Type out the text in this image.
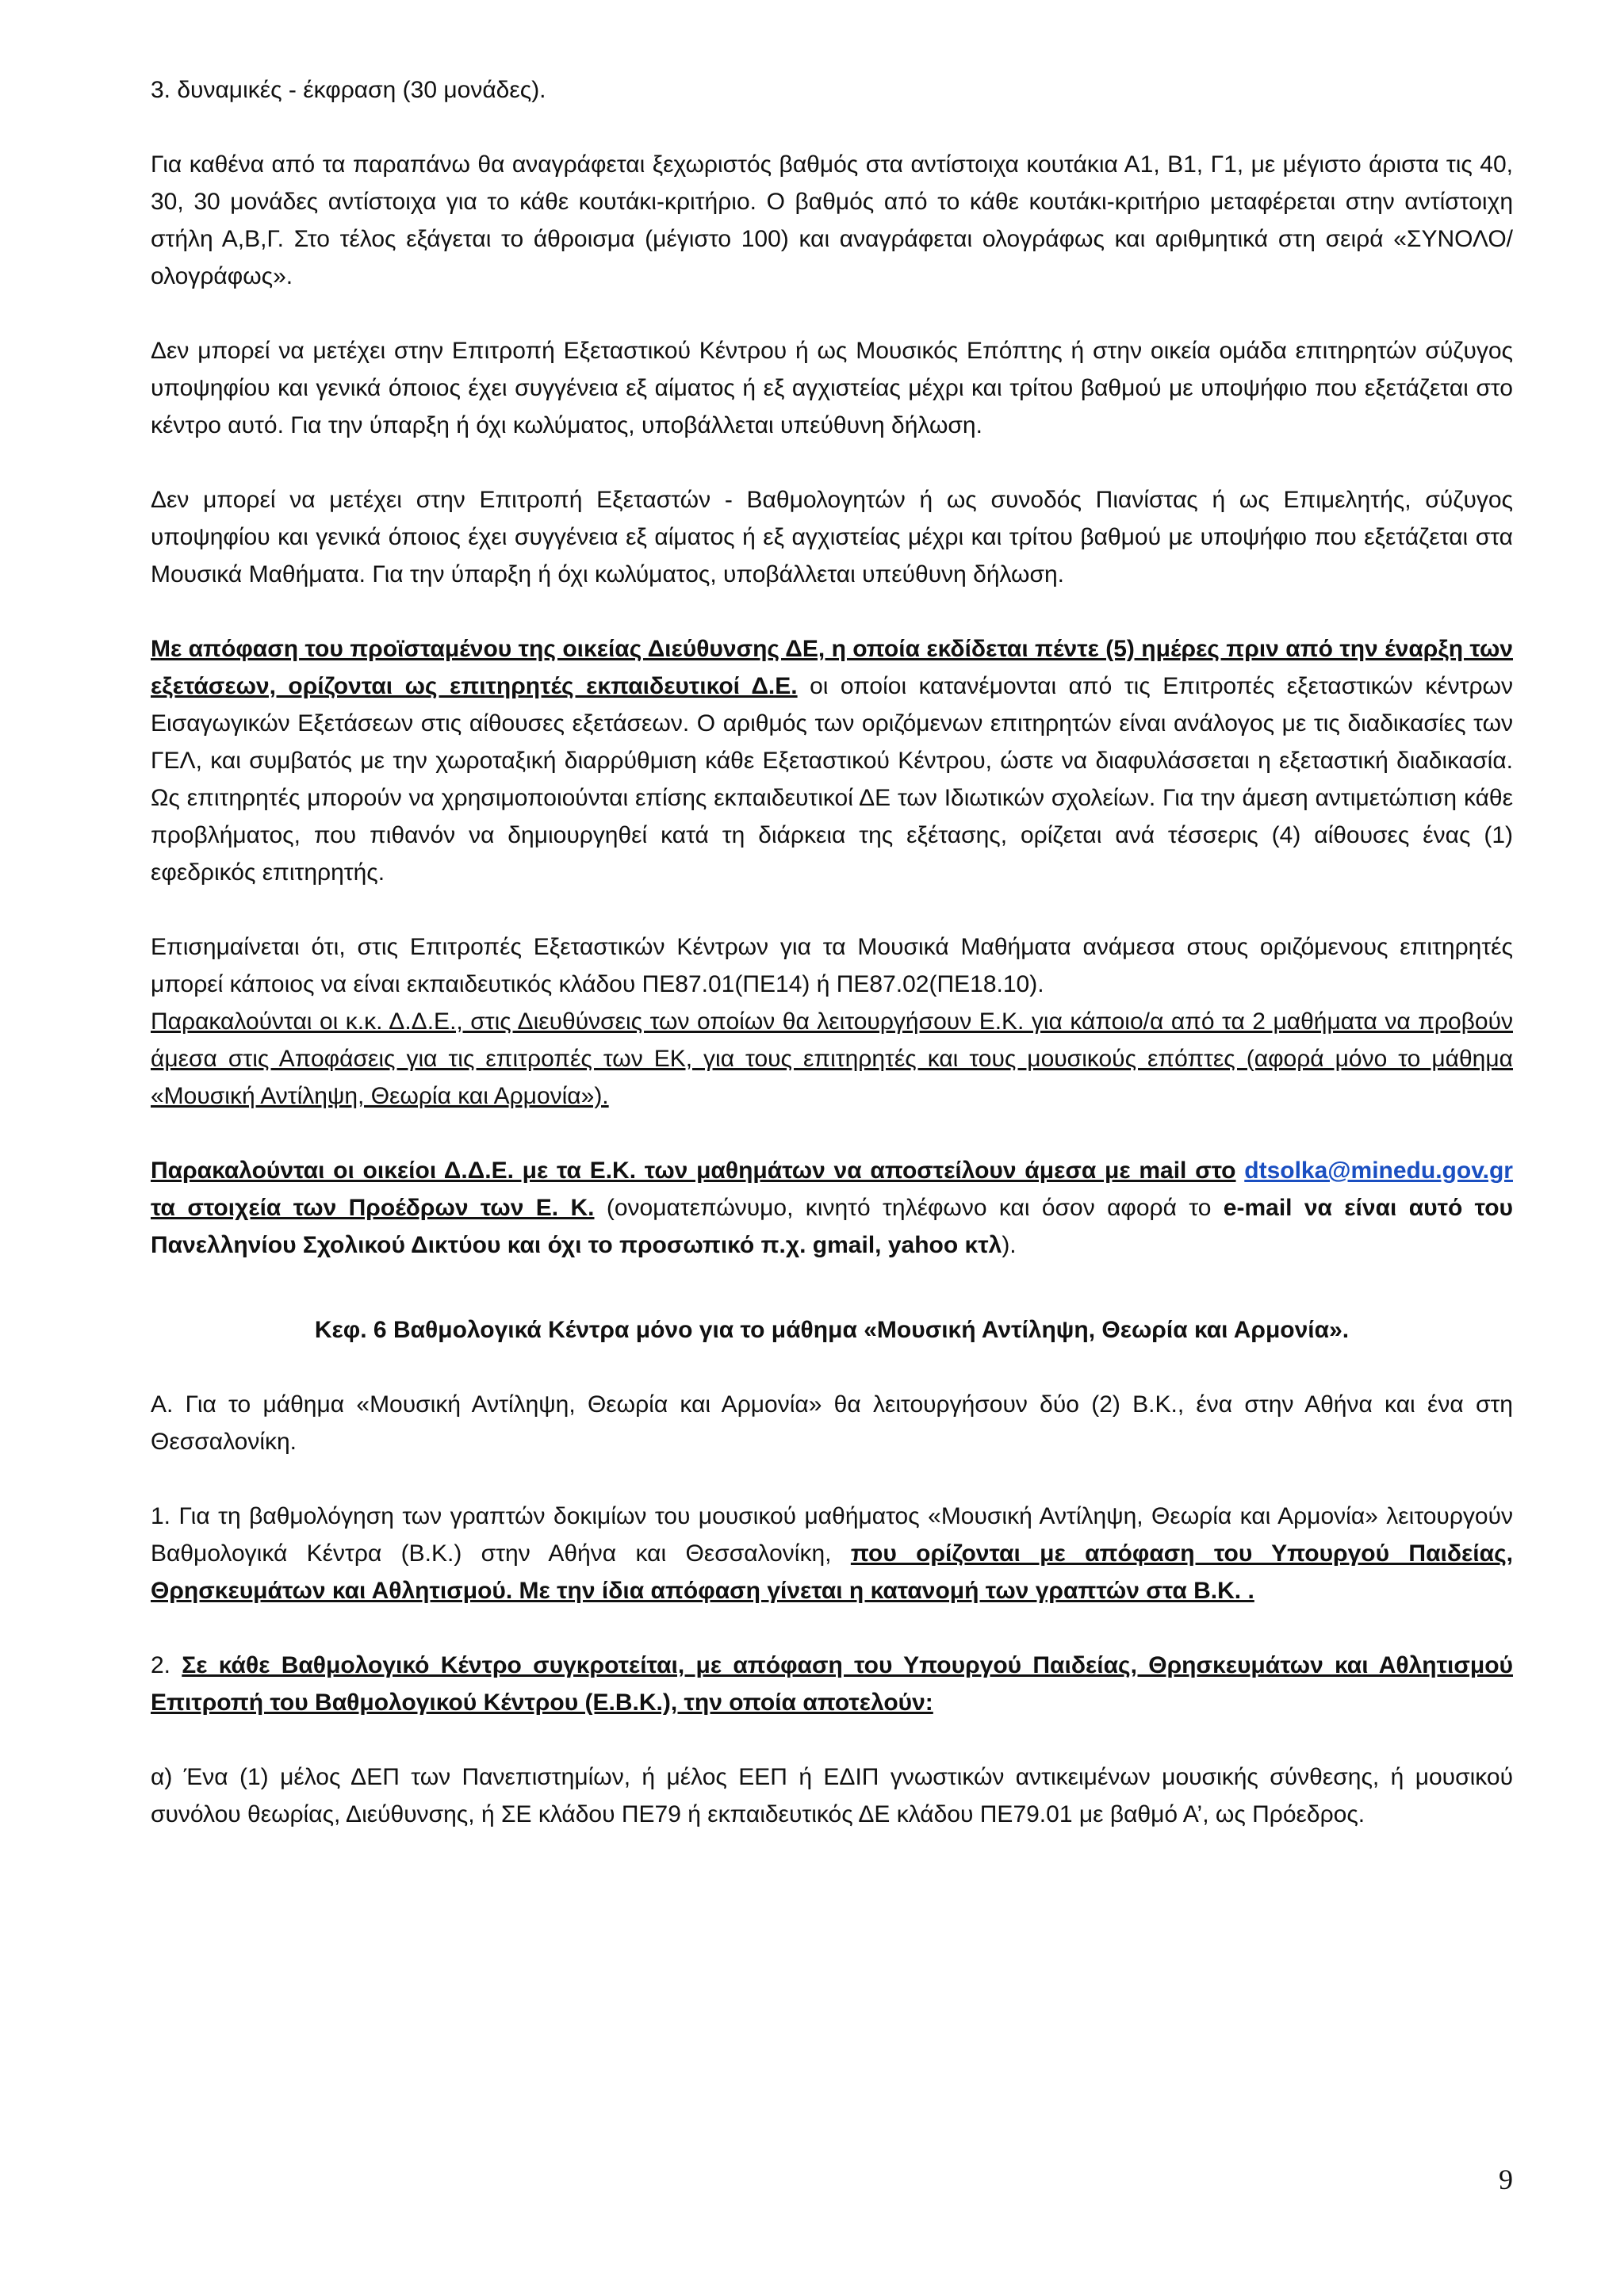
3. δυναμικές - έκφραση (30 μονάδες).

Για καθένα από τα παραπάνω θα αναγράφεται ξεχωριστός βαθμός στα αντίστοιχα κουτάκια Α1, Β1, Γ1, με μέγιστο άριστα τις 40, 30, 30 μονάδες αντίστοιχα για το κάθε κουτάκι-κριτήριο. Ο βαθμός από το κάθε κουτάκι-κριτήριο μεταφέρεται στην αντίστοιχη στήλη Α,Β,Γ. Στο τέλος εξάγεται το άθροισμα (μέγιστο 100) και αναγράφεται ολογράφως και αριθμητικά στη σειρά «ΣΥΝΟΛΟ/ολογράφως».

Δεν μπορεί να μετέχει στην Επιτροπή Εξεταστικού Κέντρου ή ως Μουσικός Επόπτης ή στην οικεία ομάδα επιτηρητών σύζυγος υποψηφίου και γενικά όποιος έχει συγγένεια εξ αίματος ή εξ αγχιστείας μέχρι και τρίτου βαθμού με υποψήφιο που εξετάζεται στο κέντρο αυτό. Για την ύπαρξη ή όχι κωλύματος, υποβάλλεται υπεύθυνη δήλωση.

Δεν μπορεί να μετέχει στην Επιτροπή Εξεταστών - Βαθμολογητών ή ως συνοδός Πιανίστας ή ως Επιμελητής, σύζυγος υποψηφίου και γενικά όποιος έχει συγγένεια εξ αίματος ή εξ αγχιστείας μέχρι και τρίτου βαθμού με υποψήφιο που εξετάζεται στα Μουσικά Μαθήματα. Για την ύπαρξη ή όχι κωλύματος, υποβάλλεται υπεύθυνη δήλωση.

Με απόφαση του προϊσταμένου της οικείας Διεύθυνσης ΔΕ, η οποία εκδίδεται πέντε (5) ημέρες πριν από την έναρξη των εξετάσεων, ορίζονται ως επιτηρητές εκπαιδευτικοί Δ.Ε. οι οποίοι κατανέμονται από τις Επιτροπές εξεταστικών κέντρων Εισαγωγικών Εξετάσεων στις αίθουσες εξετάσεων. Ο αριθμός των οριζόμενων επιτηρητών είναι ανάλογος με τις διαδικασίες των ΓΕΛ, και συμβατός με την χωροταξική διαρρύθμιση κάθε Εξεταστικού Κέντρου, ώστε να διαφυλάσσεται η εξεταστική διαδικασία. Ως επιτηρητές μπορούν να χρησιμοποιούνται επίσης εκπαιδευτικοί ΔΕ των Ιδιωτικών σχολείων. Για την άμεση αντιμετώπιση κάθε προβλήματος, που πιθανόν να δημιουργηθεί κατά τη διάρκεια της εξέτασης, ορίζεται ανά τέσσερις (4) αίθουσες ένας (1) εφεδρικός επιτηρητής.

Επισημαίνεται ότι, στις Επιτροπές Εξεταστικών Κέντρων για τα Μουσικά Μαθήματα ανάμεσα στους οριζόμενους επιτηρητές μπορεί κάποιος να είναι εκπαιδευτικός κλάδου ΠΕ87.01(ΠΕ14) ή ΠΕ87.02(ΠΕ18.10).
Παρακαλούνται οι κ.κ. Δ.Δ.Ε., στις Διευθύνσεις των οποίων θα λειτουργήσουν Ε.Κ. για κάποιο/α από τα 2 μαθήματα να προβούν άμεσα στις Αποφάσεις για τις επιτροπές των ΕΚ, για τους επιτηρητές και τους μουσικούς επόπτες (αφορά μόνο το μάθημα «Μουσική Αντίληψη, Θεωρία και Αρμονία»).

Παρακαλούνται οι οικείοι Δ.Δ.Ε. με τα Ε.Κ. των μαθημάτων να αποστείλουν άμεσα με mail στο dtsolka@minedu.gov.gr τα στοιχεία των Προέδρων των Ε. Κ. (ονοματεπώνυμο, κινητό τηλέφωνο και όσον αφορά το e-mail να είναι αυτό του Πανελληνίου Σχολικού Δικτύου και όχι το προσωπικό π.χ. gmail, yahoo κτλ).

Κεφ. 6 Βαθμολογικά Κέντρα μόνο για το μάθημα «Μουσική Αντίληψη, Θεωρία και Αρμονία».

Α. Για το μάθημα «Μουσική Αντίληψη, Θεωρία και Αρμονία» θα λειτουργήσουν δύο (2) Β.Κ., ένα στην Αθήνα και ένα στη Θεσσαλονίκη.

1. Για τη βαθμολόγηση των γραπτών δοκιμίων του μουσικού μαθήματος «Μουσική Αντίληψη, Θεωρία και Αρμονία» λειτουργούν Βαθμολογικά Κέντρα (Β.Κ.) στην Αθήνα και Θεσσαλονίκη, που ορίζονται με απόφαση του Υπουργού Παιδείας, Θρησκευμάτων και Αθλητισμού. Με την ίδια απόφαση γίνεται η κατανομή των γραπτών στα Β.Κ. .

2. Σε κάθε Βαθμολογικό Κέντρο συγκροτείται, με απόφαση του Υπουργού Παιδείας, Θρησκευμάτων και Αθλητισμού Επιτροπή του Βαθμολογικού Κέντρου (Ε.Β.Κ.), την οποία αποτελούν:

α) Ένα (1) μέλος ΔΕΠ των Πανεπιστημίων, ή μέλος ΕΕΠ ή ΕΔΙΠ γνωστικών αντικειμένων μουσικής σύνθεσης, ή μουσικού συνόλου θεωρίας, Διεύθυνσης, ή ΣΕ κλάδου ΠΕ79 ή εκπαιδευτικός ΔΕ κλάδου ΠΕ79.01 με βαθμό Α’, ως Πρόεδρος.

9
